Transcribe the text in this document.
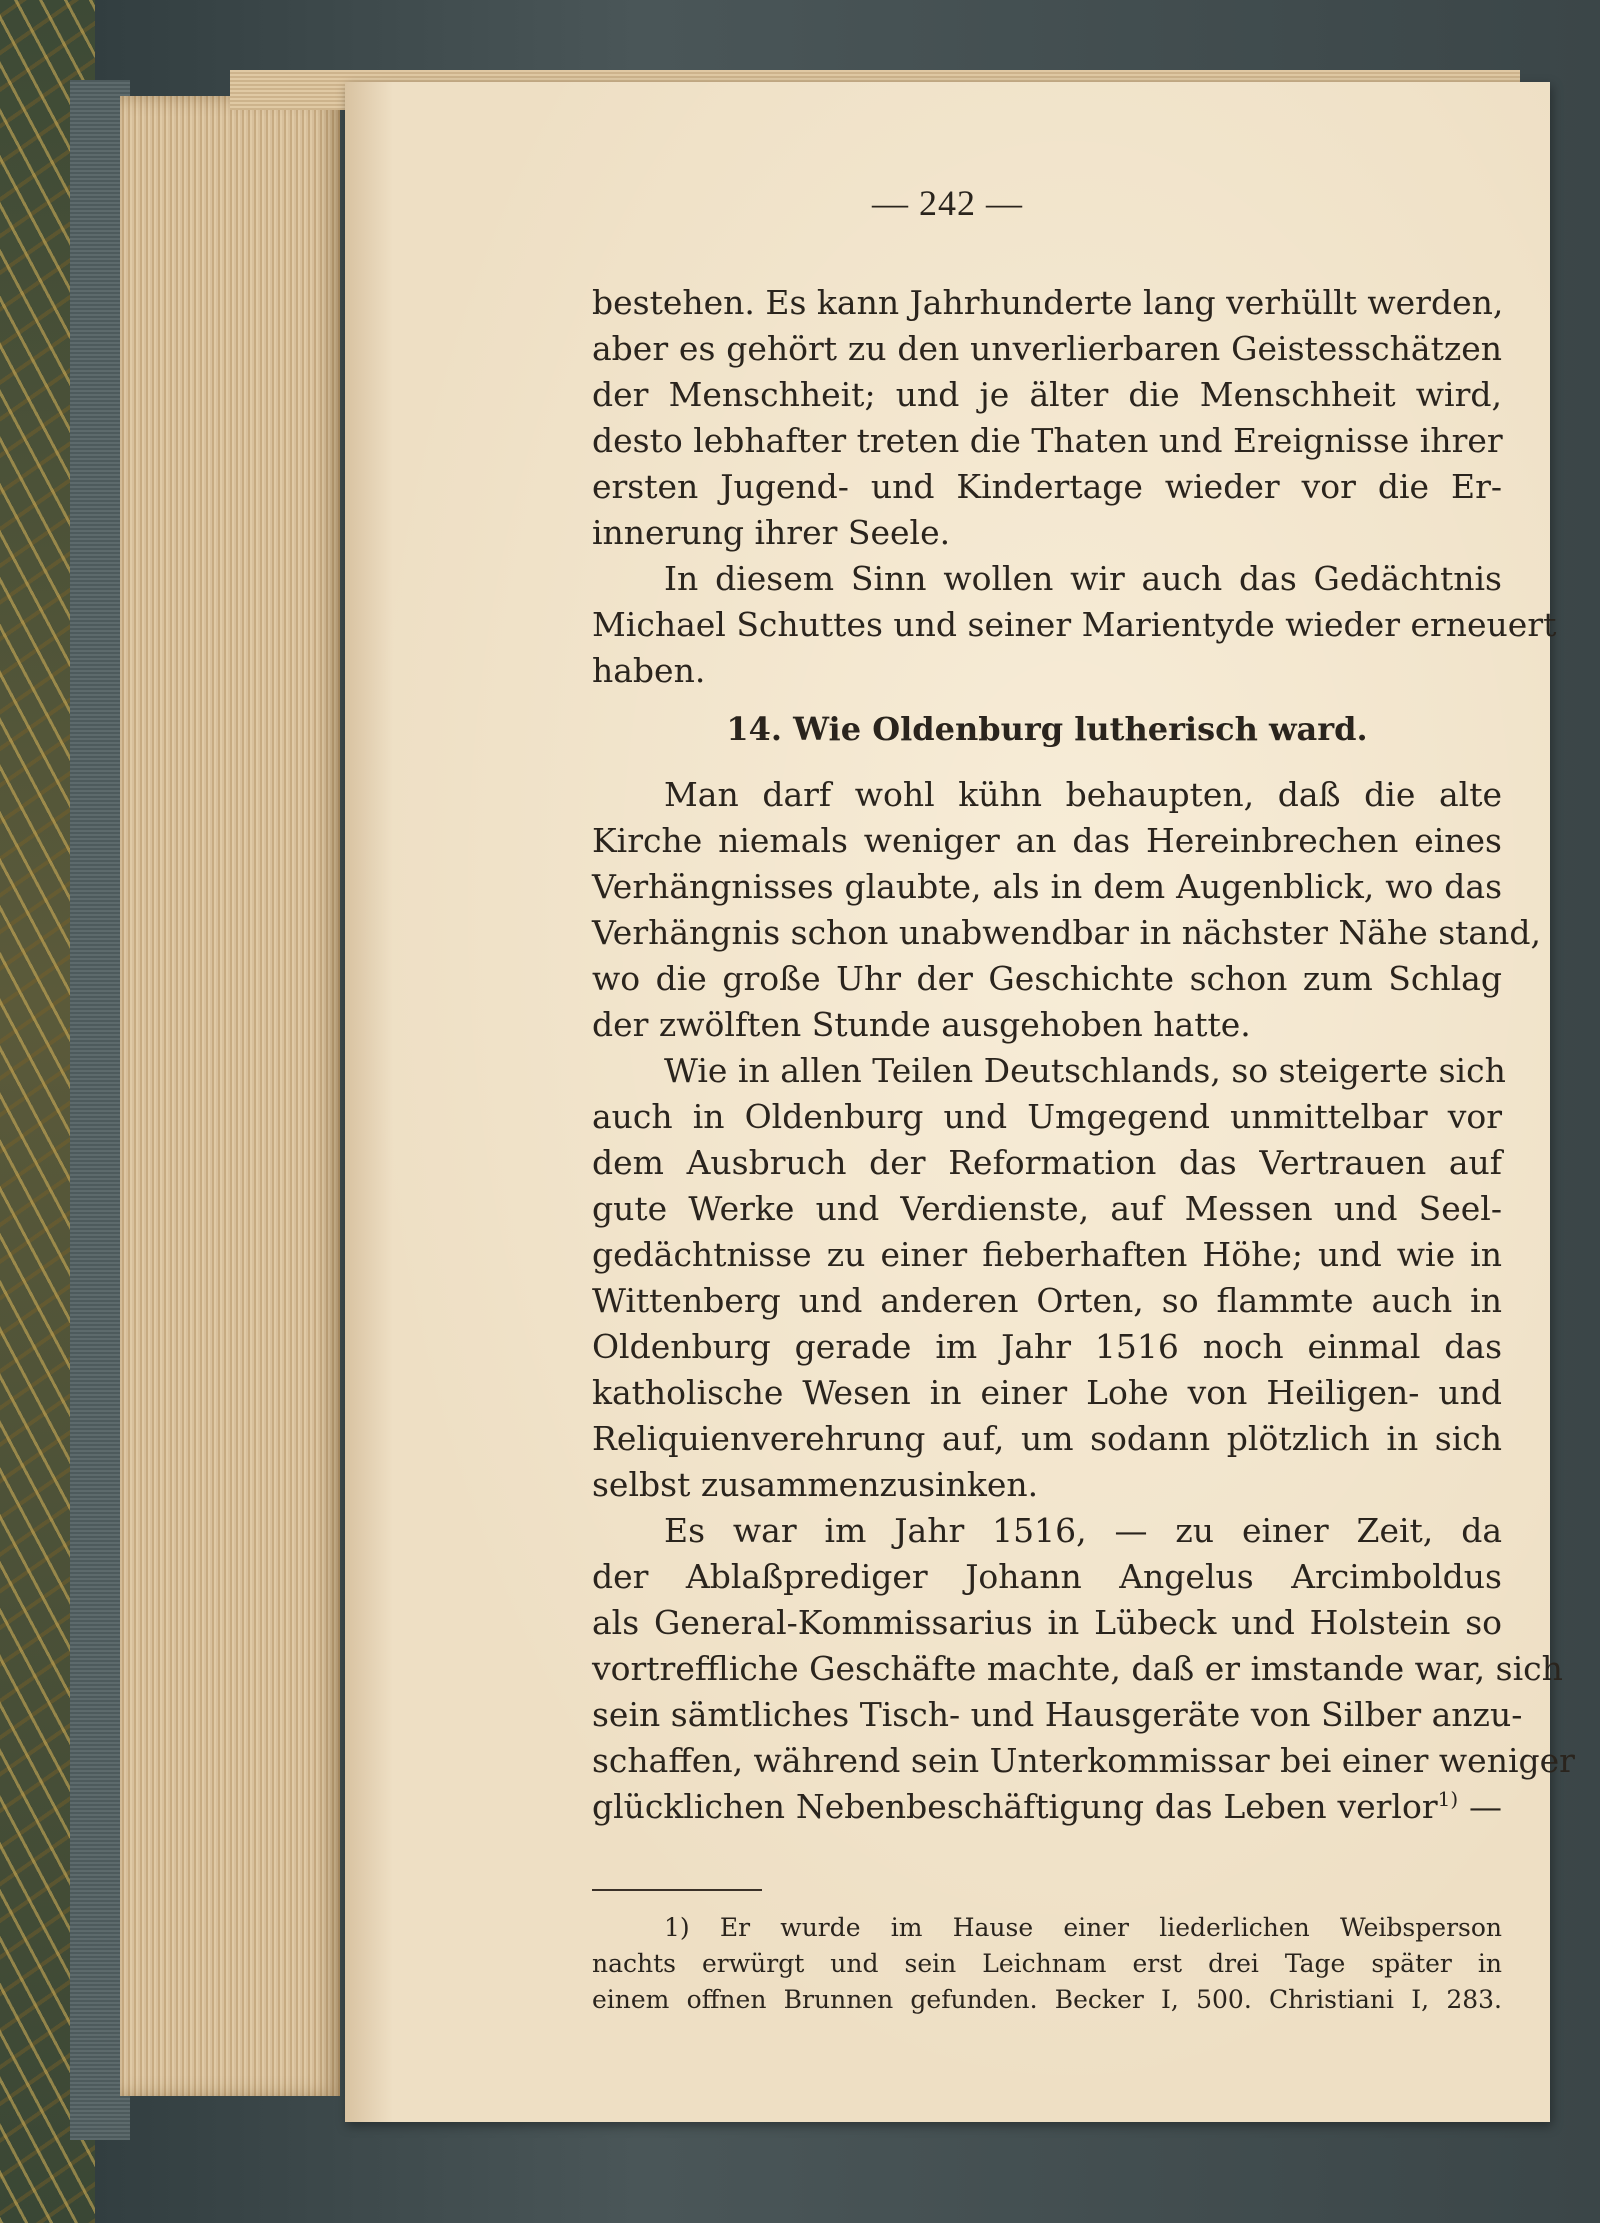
— 242 —
bestehen. Es kann Jahrhunderte lang verhüllt werden,
aber es gehört zu den unverlierbaren Geistesschätzen
der Menschheit; und je älter die Menschheit wird,
desto lebhafter treten die Thaten und Ereignisse ihrer
ersten Jugend- und Kindertage wieder vor die Er-
innerung ihrer Seele.
In diesem Sinn wollen wir auch das Gedächtnis
Michael Schuttes und seiner Marientyde wieder erneuert
haben.
14. Wie Oldenburg lutherisch ward.
Man darf wohl kühn behaupten, daß die alte
Kirche niemals weniger an das Hereinbrechen eines
Verhängnisses glaubte, als in dem Augenblick, wo das
Verhängnis schon unabwendbar in nächster Nähe stand,
wo die große Uhr der Geschichte schon zum Schlag
der zwölften Stunde ausgehoben hatte.
Wie in allen Teilen Deutschlands, so steigerte sich
auch in Oldenburg und Umgegend unmittelbar vor
dem Ausbruch der Reformation das Vertrauen auf
gute Werke und Verdienste, auf Messen und Seel-
gedächtnisse zu einer fieberhaften Höhe; und wie in
Wittenberg und anderen Orten, so flammte auch in
Oldenburg gerade im Jahr 1516 noch einmal das
katholische Wesen in einer Lohe von Heiligen- und
Reliquienverehrung auf, um sodann plötzlich in sich
selbst zusammenzusinken.
Es war im Jahr 1516, — zu einer Zeit, da
der Ablaßprediger Johann Angelus Arcimboldus
als General-Kommissarius in Lübeck und Holstein so
vortreffliche Geschäfte machte, daß er imstande war, sich
sein sämtliches Tisch- und Hausgeräte von Silber anzu-
schaffen, während sein Unterkommissar bei einer weniger
glücklichen Nebenbeschäftigung das Leben verlor$^{1)}$ —
1) Er wurde im Hause einer liederlichen Weibsperson
nachts erwürgt und sein Leichnam erst drei Tage später in
einem offnen Brunnen gefunden. Becker I, 500. Christiani I, 283.
